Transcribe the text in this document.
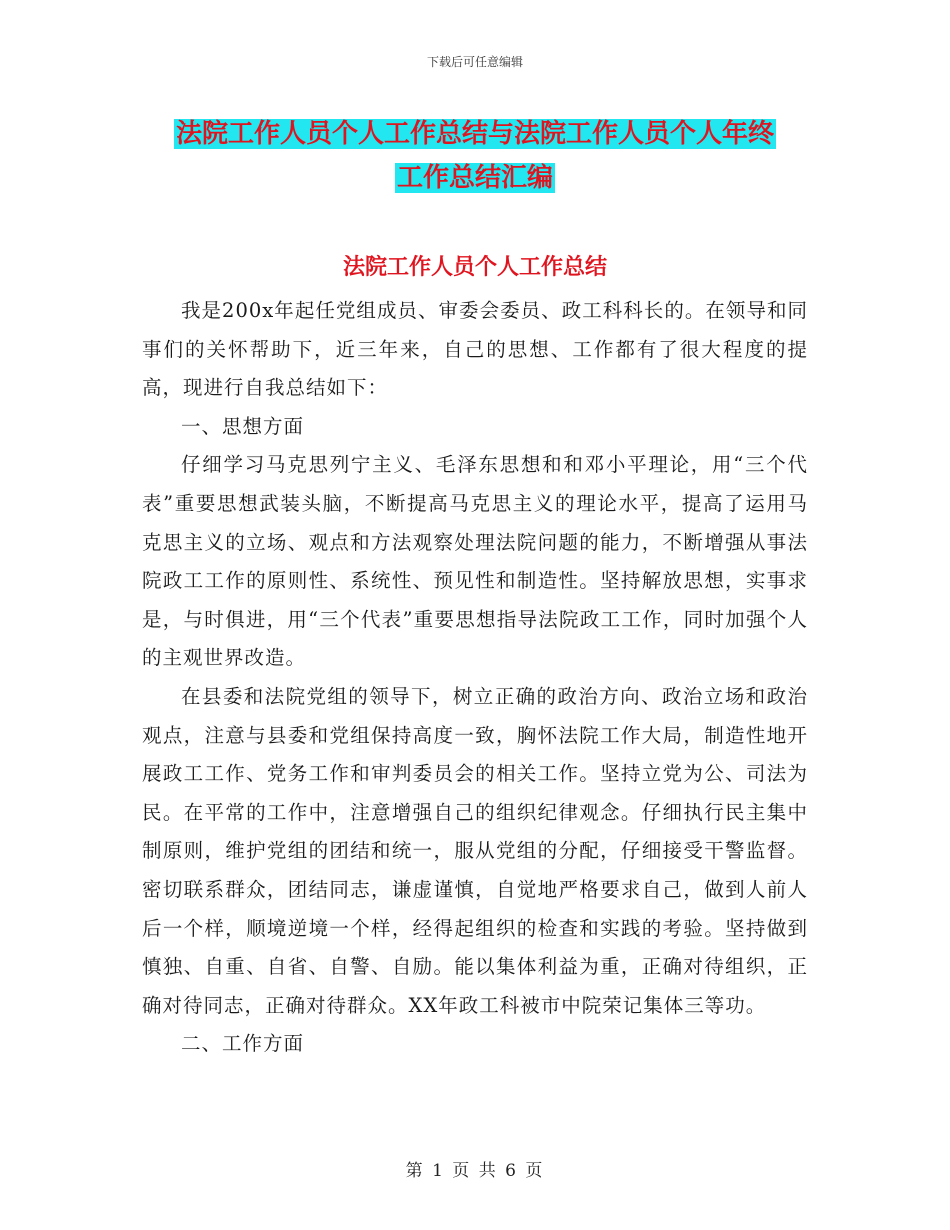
下载后可任意编辑
法院工作人员个人工作总结与法院工作人员个人年终
工作总结汇编
法院工作人员个人工作总结

我是200x年起任党组成员、审委会委员、政工科科长的。在领导和同事们的关怀帮助下，近三年来，自己的思想、工作都有了很大程度的提高，现进行自我总结如下：

一、思想方面

仔细学习马克思列宁主义、毛泽东思想和和邓小平理论，用“三个代表”重要思想武装头脑，不断提高马克思主义的理论水平，提高了运用马克思主义的立场、观点和方法观察处理法院问题的能力，不断增强从事法院政工工作的原则性、系统性、预见性和制造性。坚持解放思想，实事求是，与时俱进，用“三个代表”重要思想指导法院政工工作，同时加强个人的主观世界改造。

在县委和法院党组的领导下，树立正确的政治方向、政治立场和政治观点，注意与县委和党组保持高度一致，胸怀法院工作大局，制造性地开展政工工作、党务工作和审判委员会的相关工作。坚持立党为公、司法为民。在平常的工作中，注意增强自己的组织纪律观念。仔细执行民主集中制原则，维护党组的团结和统一，服从党组的分配，仔细接受干警监督。密切联系群众，团结同志，谦虚谨慎，自觉地严格要求自己，做到人前人后一个样，顺境逆境一个样，经得起组织的检查和实践的考验。坚持做到慎独、自重、自省、自警、自励。能以集体利益为重，正确对待组织，正确对待同志，正确对待群众。XX年政工科被市中院荣记集体三等功。

二、工作方面

第 1 页 共 6 页
